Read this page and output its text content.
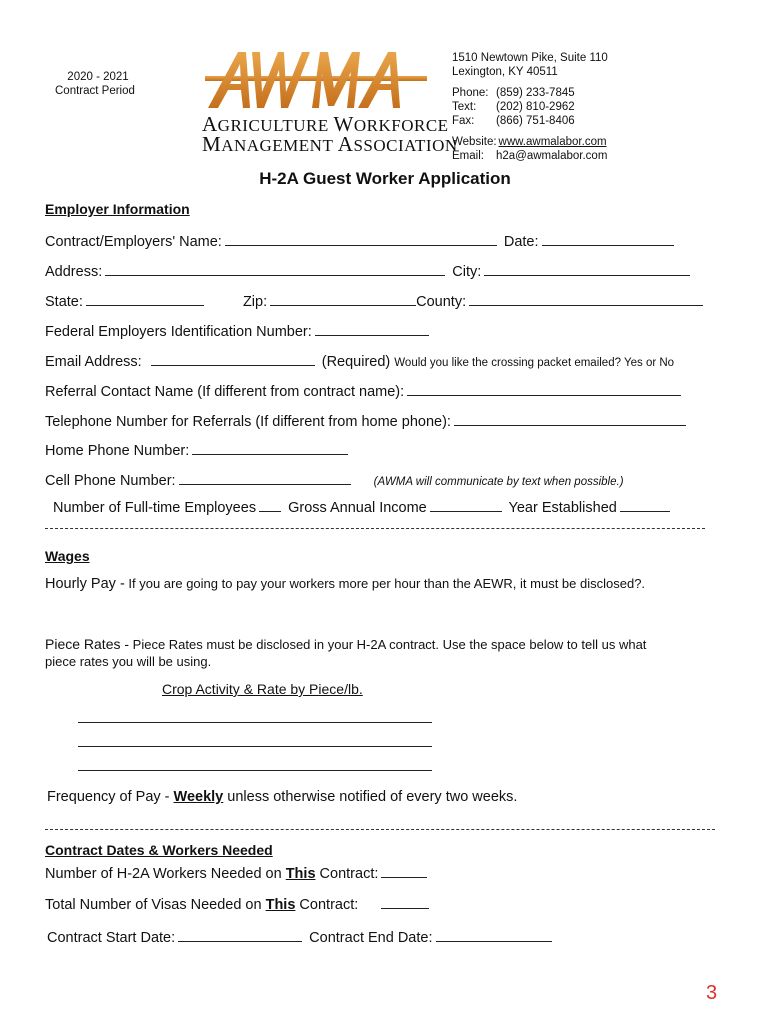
2020 - 2021
Contract Period
AGRICULTURE WORKFORCE
MANAGEMENT ASSOCIATION
1510 Newtown Pike, Suite 110
Lexington, KY 40511
Phone: (859) 233-7845
Text: (202) 810-2962
Fax: (866) 751-8406
Website: www.awmalabor.com
Email: h2a@awmalabor.com
H-2A Guest Worker Application
Employer Information
Contract/Employers' Name:	Date:
Address:	City:
State:	Zip:	County:
Federal Employers Identification Number:
Email Address:	(Required) Would you like the crossing packet emailed? Yes or No
Referral Contact Name (If different from contract name):
Telephone Number for Referrals (If different from home phone):
Home Phone Number:
Cell Phone Number:	(AWMA will communicate by text when possible.)
Number of Full-time Employees Gross Annual Income	Year Established
Wages
Hourly Pay - If you are going to pay your workers more per hour than the AEWR, it must be disclosed?.
Piece Rates - Piece Rates must be disclosed in your H-2A contract. Use the space below to tell us what
piece rates you will be using.
Crop Activity & Rate by Piece/lb.
Frequency of Pay - Weekly unless otherwise notified of every two weeks.
Contract Dates & Workers Needed
Number of H-2A Workers Needed on This Contract:
Total Number of Visas Needed on This Contract:
Contract Start Date:	Contract End Date:
3
